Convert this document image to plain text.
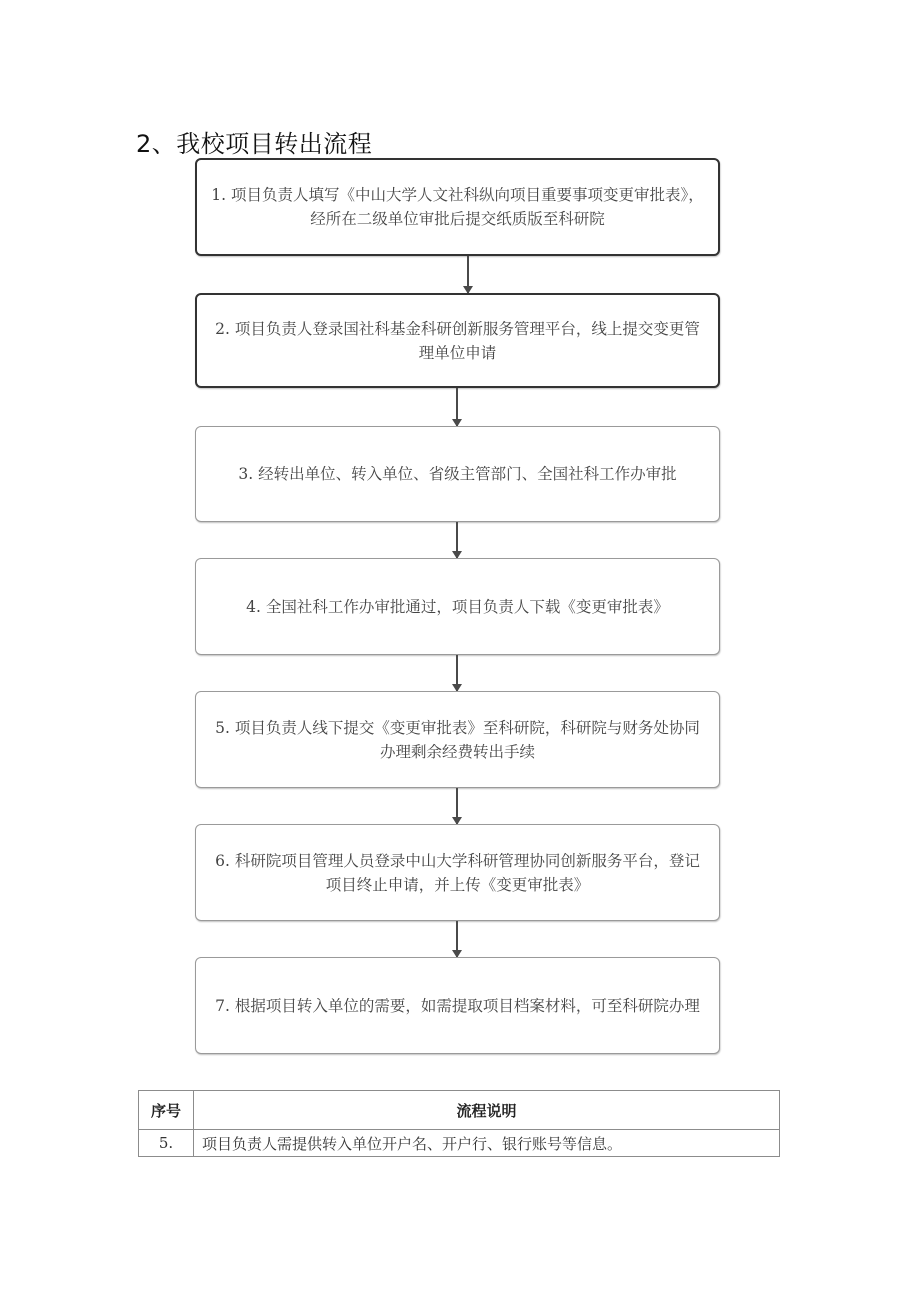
2、我校项目转出流程
1. 项目负责人填写《中山大学人文社科纵向项目重要事项变更审批表》，经所在二级单位审批后提交纸质版至科研院
2. 项目负责人登录国社科基金科研创新服务管理平台，线上提交变更管理单位申请
3. 经转出单位、转入单位、省级主管部门、全国社科工作办审批
4. 全国社科工作办审批通过，项目负责人下载《变更审批表》
5. 项目负责人线下提交《变更审批表》至科研院，科研院与财务处协同办理剩余经费转出手续
6. 科研院项目管理人员登录中山大学科研管理协同创新服务平台，登记项目终止申请，并上传《变更审批表》
7. 根据项目转入单位的需要，如需提取项目档案材料，可至科研院办理
序号	流程说明
5.	项目负责人需提供转入单位开户名、开户行、银行账号等信息。
